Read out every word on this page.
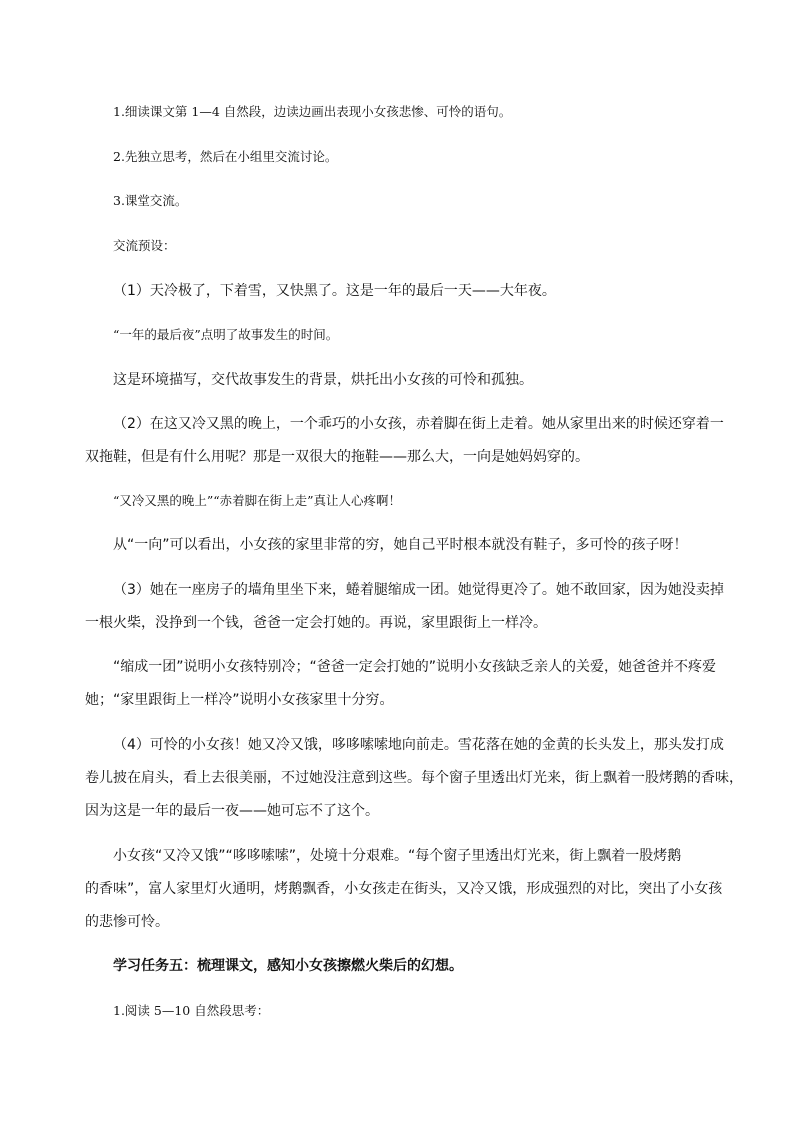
1.细读课文第 1—4 自然段，边读边画出表现小女孩悲惨、可怜的语句。
2.先独立思考，然后在小组里交流讨论。
3.课堂交流。
交流预设：
（1）天冷极了，下着雪，又快黑了。这是一年的最后一天——大年夜。
“一年的最后夜”点明了故事发生的时间。
这是环境描写，交代故事发生的背景，烘托出小女孩的可怜和孤独。
（2）在这又冷又黑的晚上，一个乖巧的小女孩，赤着脚在街上走着。她从家里出来的时候还穿着一
双拖鞋，但是有什么用呢？那是一双很大的拖鞋——那么大，一向是她妈妈穿的。
“又冷又黑的晚上”“赤着脚在街上走”真让人心疼啊！
从“一向”可以看出，小女孩的家里非常的穷，她自己平时根本就没有鞋子，多可怜的孩子呀！
（3）她在一座房子的墙角里坐下来，蜷着腿缩成一团。她觉得更冷了。她不敢回家，因为她没卖掉
一根火柴，没挣到一个钱，爸爸一定会打她的。再说，家里跟街上一样冷。
“缩成一团”说明小女孩特别冷；“爸爸一定会打她的”说明小女孩缺乏亲人的关爱，她爸爸并不疼爱
她；“家里跟街上一样冷”说明小女孩家里十分穷。
（4）可怜的小女孩！她又冷又饿，哆哆嗦嗦地向前走。雪花落在她的金黄的长头发上，那头发打成
卷儿披在肩头，看上去很美丽，不过她没注意到这些。每个窗子里透出灯光来，街上飘着一股烤鹅的香味，
因为这是一年的最后一夜——她可忘不了这个。
小女孩“又冷又饿”“哆哆嗦嗦”，处境十分艰难。“每个窗子里透出灯光来，街上飘着一股烤鹅
的香味”，富人家里灯火通明，烤鹅飘香，小女孩走在街头，又冷又饿，形成强烈的对比，突出了小女孩
的悲惨可怜。
学习任务五：梳理课文，感知小女孩擦燃火柴后的幻想。
1.阅读 5—10 自然段思考：
